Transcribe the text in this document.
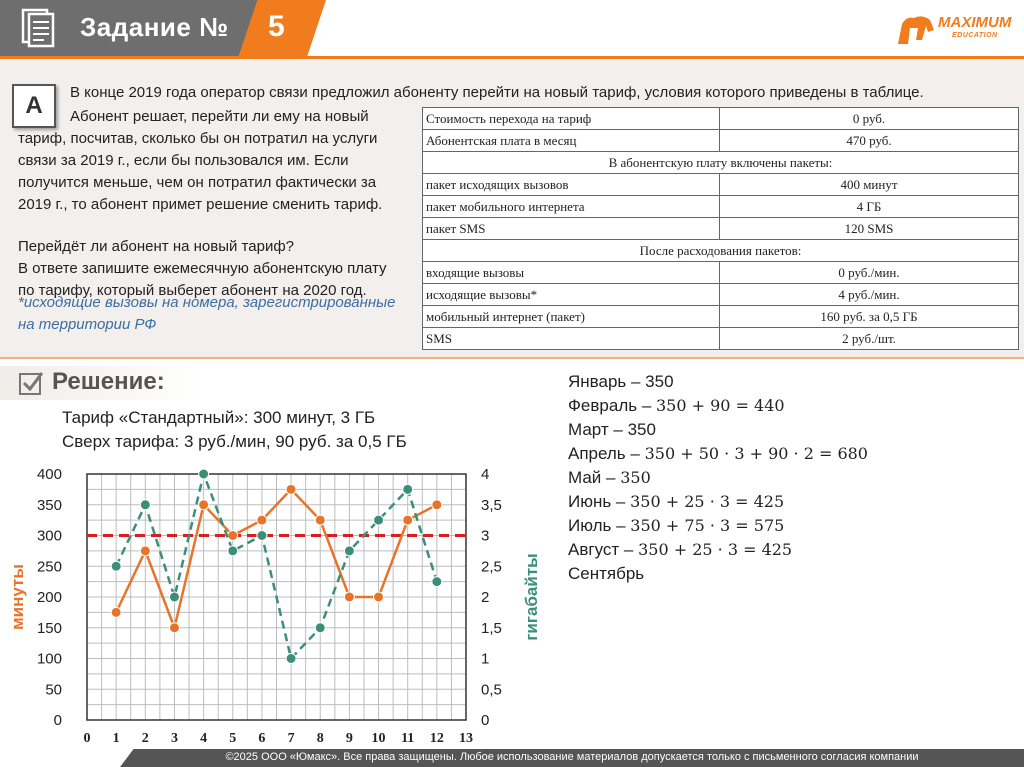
Задание № 5	MAXIMUM
EDUCATION
A	В конце 2019 года оператор связи предложил абоненту перейти на новый тариф, условия которого приведены в таблице.
Абонент решает, перейти ли ему на новый
тариф, посчитав, сколько бы он потратил на услуги
связи за 2019 г., если бы пользовался им. Если
получится меньше, чем он потратил фактически за
2019 г., то абонент примет решение сменить тариф.
Перейдёт ли абонент на новый тариф?
В ответе запишите ежемесячную абонентскую плату
по тарифу, который выберет абонент на 2020 год.
*исходящие вызовы на номера, зарегистрированные
на территории РФ
Стоимость перехода на тариф	0 руб.
Абонентская плата в месяц	470 руб.
В абонентскую плату включены пакеты:	
пакет исходящих вызовов	400 минут
пакет мобильного интернета	4 ГБ
пакет SMS	120 SMS
После расходования пакетов:	
входящие вызовы	0 руб./мин.
исходящие вызовы*	4 руб./мин.
мобильный интернет (пакет)	160 руб. за 0,5 ГБ
SMS	2 руб./шт.
Решение:
Тариф «Стандартный»: 300 минут, 3 ГБ
Сверх тарифа: 3 руб./мин, 90 руб. за 0,5 ГБ
Январь – 350
Февраль – 350 + 90 = 440
Март – 350
Апрель – 350 + 50 · 3 + 90 · 2 = 680
Май – 350
Июнь – 350 + 25 · 3 = 425
Июль – 350 + 75 · 3 = 575
Август – 350 + 25 · 3 = 425
Сентябрь
0 1 2 3 4 5 6 7 8 9 10 11 12 13
0
50
100
150
200
250
300
350
400
0
0,5
1
1,5
2
2,5
3
3,5
4
минуты	гигабайты
©2025 ООО «Юмакс». Все права защищены. Любое использование материалов допускается только с письменного согласия компании
